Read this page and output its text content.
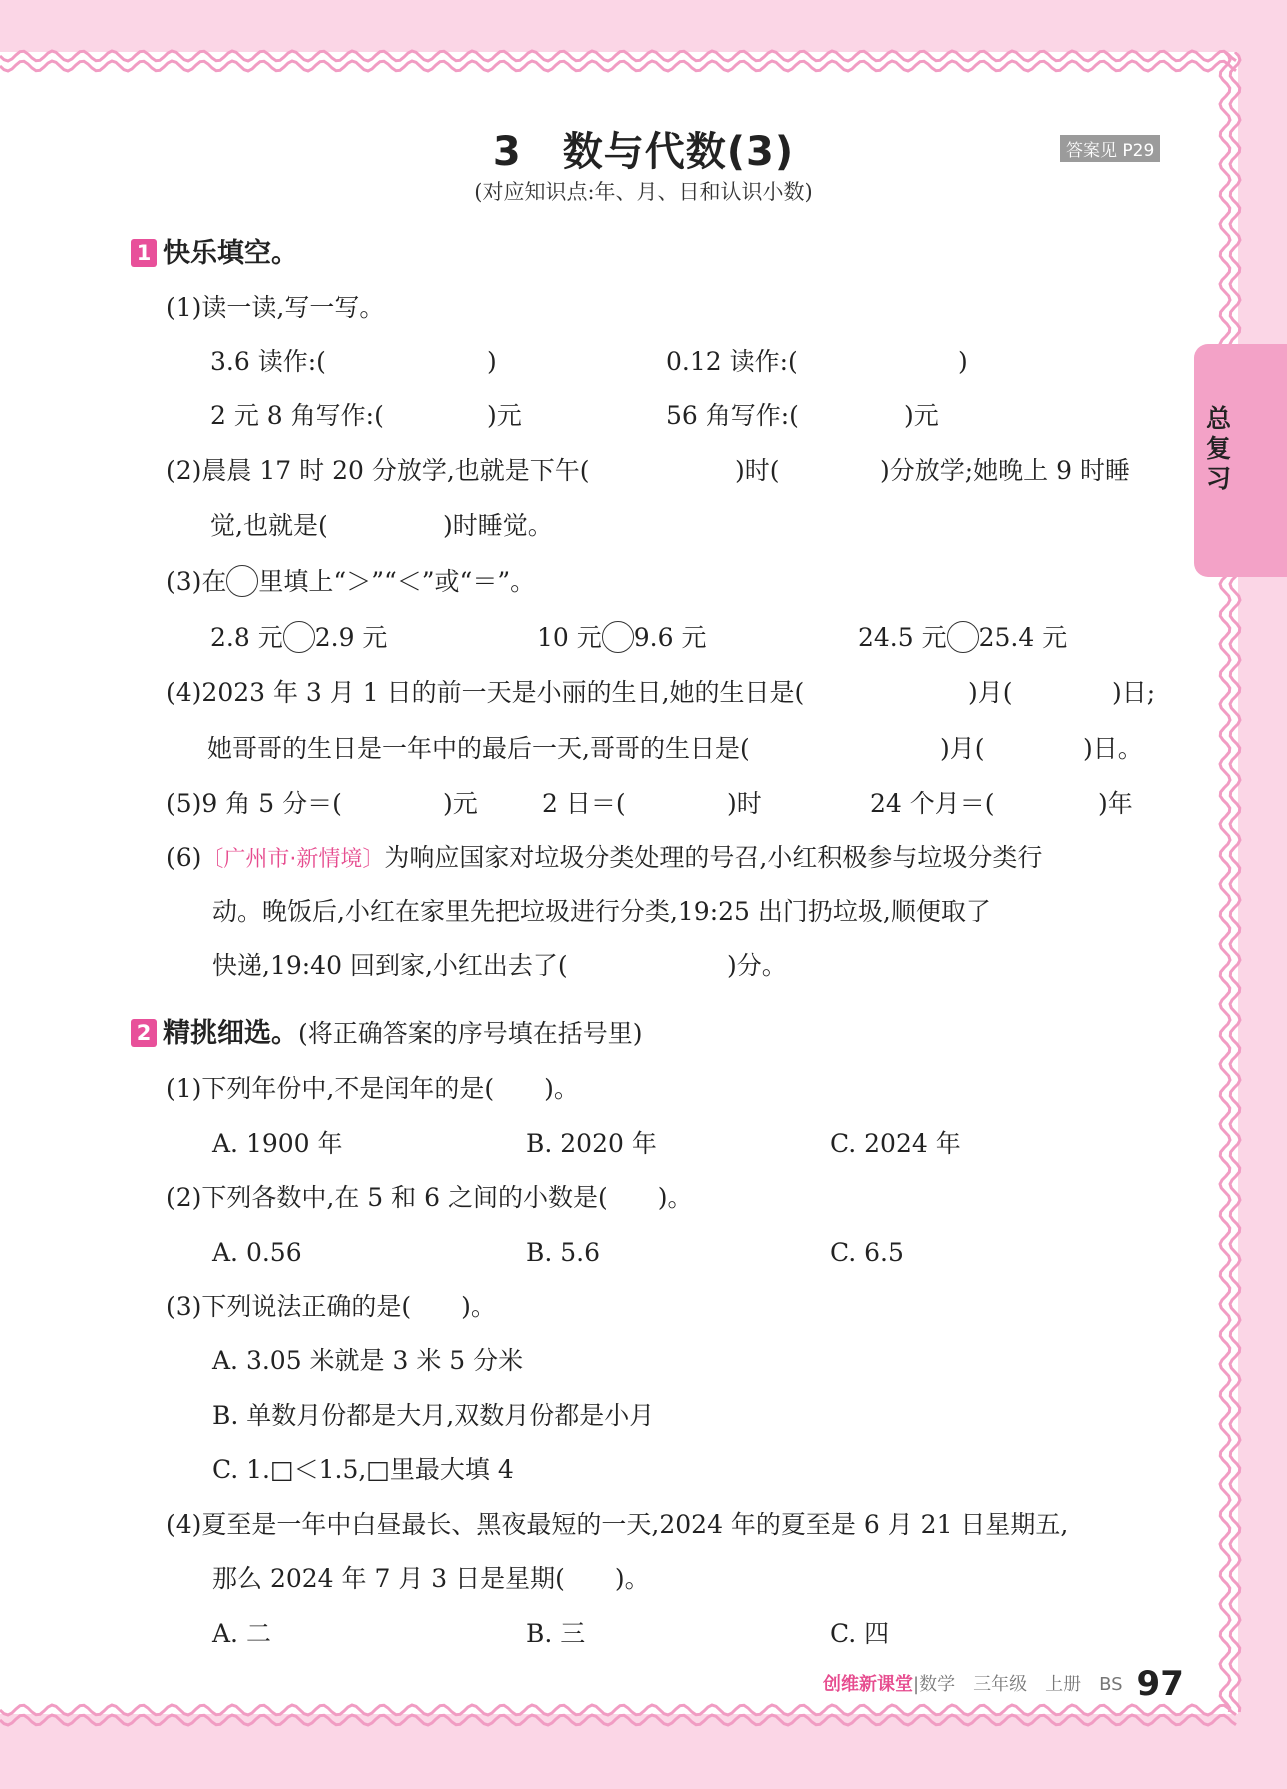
3　数与代数(3)	答案见 P29
(对应知识点:年、月、日和认识小数)
总复习
1 快乐填空。
(1)读一读,写一写。
3.6 读作:(	)	0.12 读作:(	)
2 元 8 角写作:(	)元	56 角写作:(	)元
(2)晨晨 17 时 20 分放学,也就是下午(	)时(	)分放学;她晚上 9 时睡
觉,也就是(	)时睡觉。
(3)在 里填上“＞”“＜”或“＝”。
2.8 元 2.9 元	10 元 9.6 元	24.5 元 25.4 元
(4)2023 年 3 月 1 日的前一天是小丽的生日,她的生日是(	)月(	)日;
她哥哥的生日是一年中的最后一天,哥哥的生日是(	)月(	)日。
(5)9 角 5 分＝(	)元	2 日＝(	)时	24 个月＝(	)年
(6)〔广州市·新情境〕为响应国家对垃圾分类处理的号召,小红积极参与垃圾分类行
动。晚饭后,小红在家里先把垃圾进行分类,19:25 出门扔垃圾,顺便取了
快递,19:40 回到家,小红出去了(	)分。
2 精挑细选。(将正确答案的序号填在括号里)
(1)下列年份中,不是闰年的是(　　)。
A. 1900 年	B. 2020 年	C. 2024 年
(2)下列各数中,在 5 和 6 之间的小数是(　　)。
A. 0.56	B. 5.6	C. 6.5
(3)下列说法正确的是(　　)。
A. 3.05 米就是 3 米 5 分米
B. 单数月份都是大月,双数月份都是小月
C. 1.□＜1.5,□里最大填 4
(4)夏至是一年中白昼最长、黑夜最短的一天,2024 年的夏至是 6 月 21 日星期五,
那么 2024 年 7 月 3 日是星期(　　)。
A. 二	B. 三	C. 四
创维新课堂|数学　三年级　上册　BS 97
